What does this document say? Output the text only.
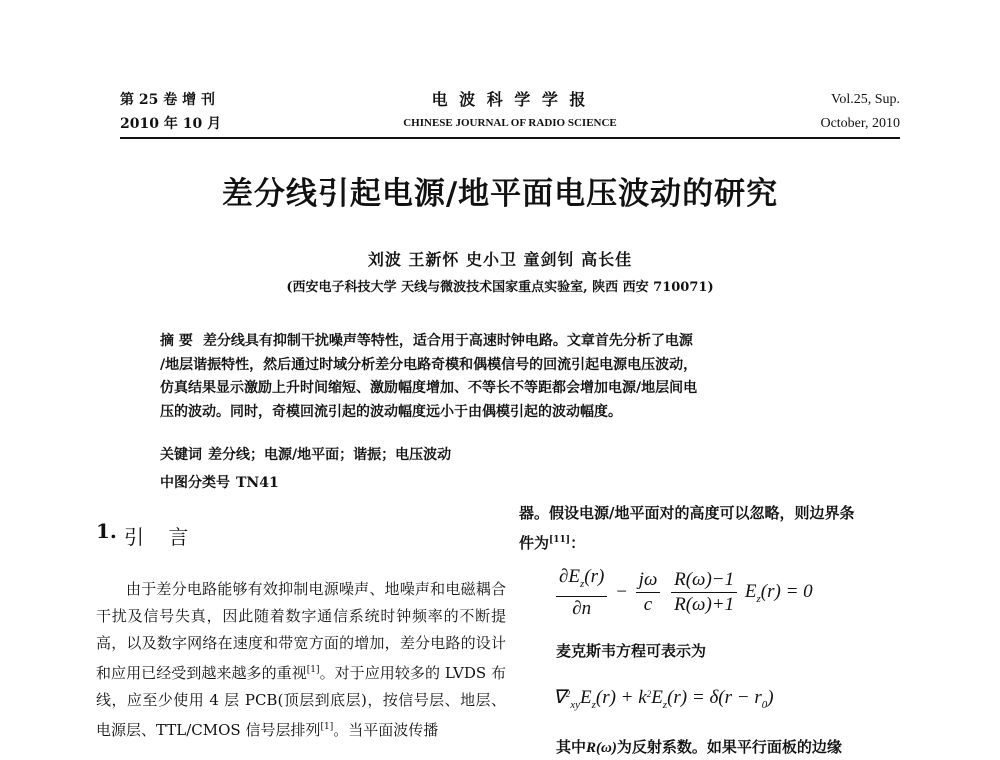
第 25 卷 增 刊
2010 年 10 月
电 波 科 学 学 报
CHINESE JOURNAL OF RADIO SCIENCE
Vol.25, Sup.
October, 2010
差分线引起电源/地平面电压波动的研究
刘波 王新怀 史小卫 童剑钊 高长佳
(西安电子科技大学 天线与微波技术国家重点实验室, 陕西 西安 710071)
摘 要 差分线具有抑制干扰噪声等特性，适合用于高速时钟电路。文章首先分析了电源
/地层谐振特性，然后通过时域分析差分电路奇模和偶模信号的回流引起电源电压波动，
仿真结果显示激励上升时间缩短、激励幅度增加、不等长不等距都会增加电源/地层间电
压的波动。同时，奇模回流引起的波动幅度远小于由偶模引起的波动幅度。
关键词 差分线；电源/地平面；谐振；电压波动
中图分类号 TN41
1. 引 言
由于差分电路能够有效抑制电源噪声、地噪声和电磁耦合干扰及信号失真，因此随着数字通信系统时钟频率的不断提高，以及数字网络在速度和带宽方面的增加，差分电路的设计和应用已经受到越来越多的重视[1]。对于应用较多的 LVDS 布线，应至少使用 4 层 PCB(顶层到底层)，按信号层、地层、电源层、TTL/CMOS 信号层排列[1]。当平面波传播
器。假设电源/地平面对的高度可以忽略，则边界条
件为[11]：
$\frac{\partial E_z(r)}{\partial n} - \frac{j\omega}{c}$
$\frac{R(\omega)-1}{R(\omega)+1} E_z(r) = 0$
麦克斯韦方程可表示为
$\nabla^2_{xy}E_z(r) + k^2E_z(r) = \delta(r - r_0)$
其中R(ω)为反射系数。如果平行面板的边缘
